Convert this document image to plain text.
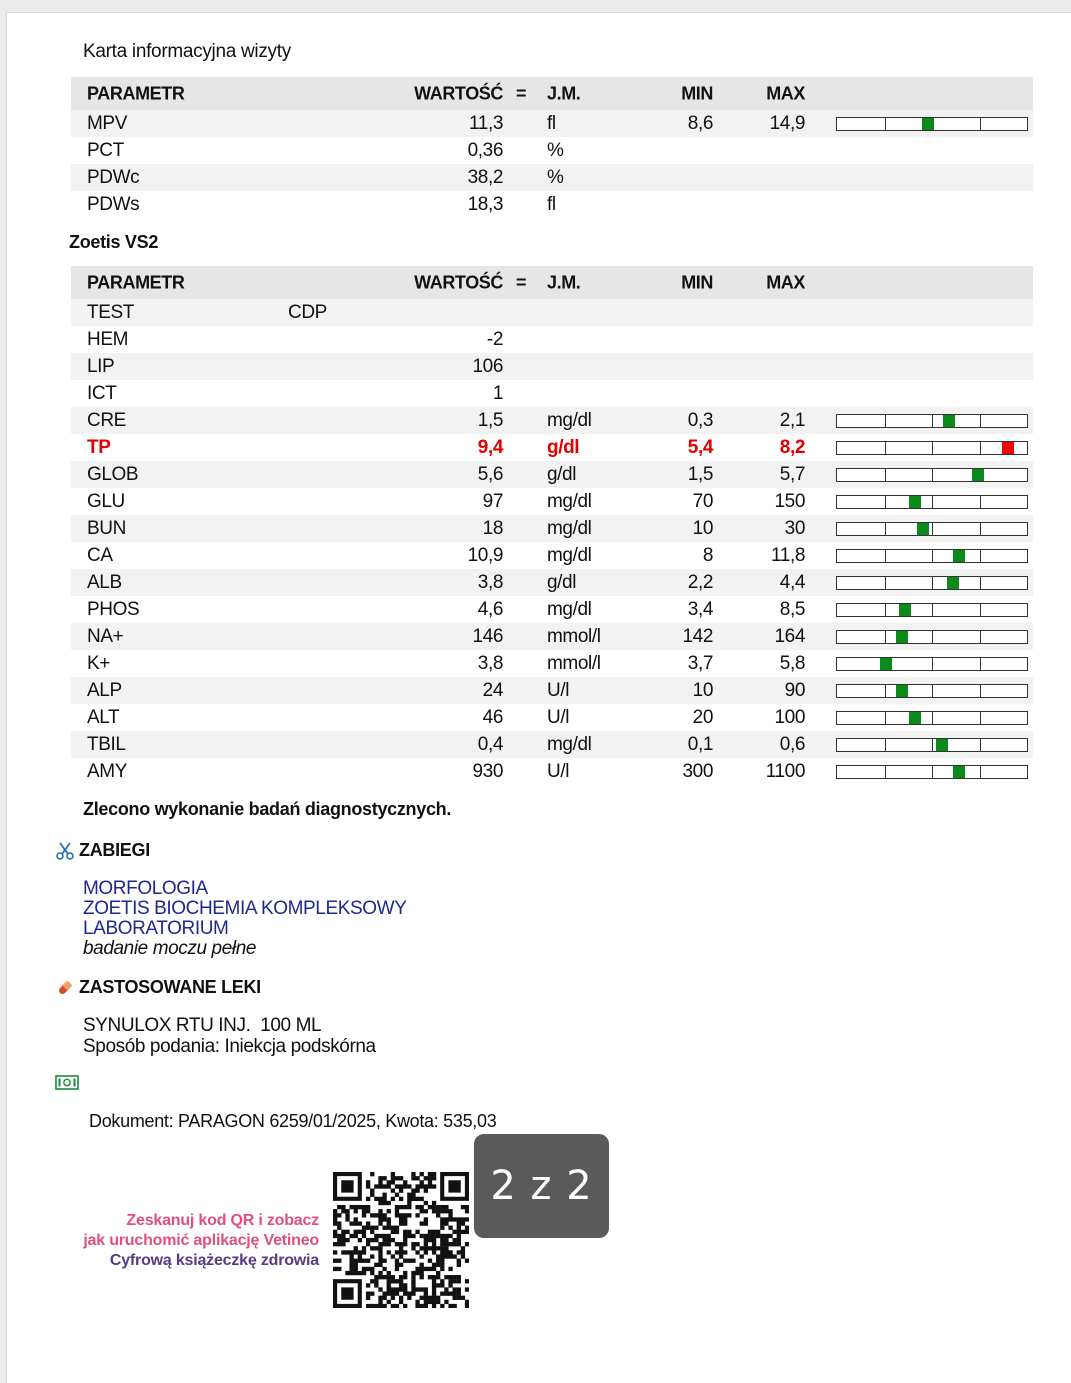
Karta informacyjna wizyty
PARAMETR	WARTOŚĆ = J.M.	MIN	MAX
MPV	11,3 fl	8,6	14,9
PCT	0,36 %
PDWc	38,2 %
PDWs	18,3 fl
Zoetis VS2
PARAMETR	WARTOŚĆ = J.M.	MIN	MAX
TEST	CDP
HEM	-2
LIP	106
ICT	1
CRE	1,5 mg/dl	0,3	2,1
TP	9,4 g/dl	5,4	8,2
GLOB	5,6 g/dl	1,5	5,7
GLU	97 mg/dl	70	150
BUN	18 mg/dl	10	30
CA	10,9 mg/dl	8	11,8
ALB	3,8 g/dl	2,2	4,4
PHOS	4,6 mg/dl	3,4	8,5
NA+	146 mmol/l	142	164
K+	3,8 mmol/l	3,7	5,8
ALP	24 U/l	10	90
ALT	46 U/l	20	100
TBIL	0,4 mg/dl	0,1	0,6
AMY	930 U/l	300	1100
Zlecono wykonanie badań diagnostycznych.
ZABIEGI
MORFOLOGIA
ZOETIS BIOCHEMIA KOMPLEKSOWY
LABORATORIUM
badanie moczu pełne
ZASTOSOWANE LEKI
SYNULOX RTU INJ.  100 ML
Sposób podania: Iniekcja podskórna
Dokument: PARAGON 6259/01/2025, Kwota: 535,03
Zeskanuj kod QR i zobacz
jak uruchomić aplikację Vetineo
Cyfrową książeczkę zdrowia
2 z 2
